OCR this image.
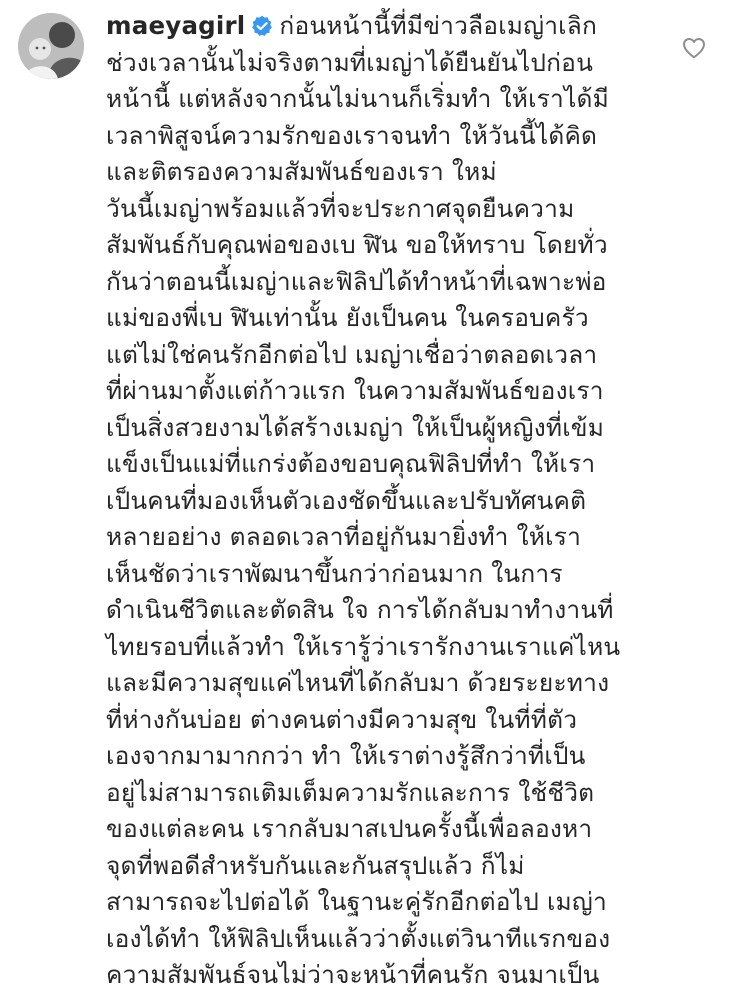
maeyagirl ก่อนหน้านี้ที่มีข่าวลือเมญ่าเลิก
ช่วงเวลานั้นไม่จริงตามที่เมญ่าได้ยืนยันไปก่อน
หน้านี้ แต่หลังจากนั้นไม่นานก็เริ่มทำ ให้เราได้มี
เวลาพิสูจน์ความรักของเราจนทำ ให้วันนี้ได้คิด
และติตรองความสัมพันธ์ของเรา ใหม่
วันนี้เมญ่าพร้อมแล้วที่จะประกาศจุดยืนความ
สัมพันธ์กับคุณพ่อของเบ ฬิน ขอให้ทราบ โดยทั่ว
กันว่าตอนนี้เมญ่าและฟิลิปได้ทำหน้าที่เฉพาะพ่อ
แม่ของพี่เบ ฬินเท่านั้น ยังเป็นคน ในครอบครัว
แต่ไม่ใช่คนรักอีกต่อไป เมญ่าเชื่อว่าตลอดเวลา
ที่ผ่านมาตั้งแต่ก้าวแรก ในความสัมพันธ์ของเรา
เป็นสิ่งสวยงามได้สร้างเมญ่า ให้เป็นผู้หญิงที่เข้ม
แข็งเป็นแม่ที่แกร่งต้องขอบคุณฟิลิปที่ทำ ให้เรา
เป็นคนที่มองเห็นตัวเองชัดขึ้นและปรับทัศนคติ
หลายอย่าง ตลอดเวลาที่อยู่กันมายิ่งทำ ให้เรา
เห็นชัดว่าเราพัฒนาขึ้นกว่าก่อนมาก ในการ
ดำเนินชีวิตและตัดสิน ใจ การได้กลับมาทำงานที่
ไทยรอบที่แล้วทำ ให้เรารู้ว่าเรารักงานเราแค่ไหน
และมีความสุขแค่ไหนที่ได้กลับมา ด้วยระยะทาง
ที่ห่างกันบ่อย ต่างคนต่างมีความสุข ในที่ที่ตัว
เองจากมามากกว่า ทำ ให้เราต่างรู้สึกว่าที่เป็น
อยู่ไม่สามารถเติมเต็มความรักและการ ใช้ชีวิต
ของแต่ละคน เรากลับมาสเปนครั้งนี้เพื่อลองหา
จุดที่พอดีสำหรับกันและกันสรุปแล้ว ก็ไม่
สามารถจะไปต่อได้ ในฐานะคู่รักอีกต่อไป เมญ่า
เองได้ทำ ให้ฟิลิปเห็นแล้วว่าตั้งแต่วินาทีแรกของ
ความสัมพันธ์จนไม่ว่าจะหน้าที่คนรัก จนมาเป็น
